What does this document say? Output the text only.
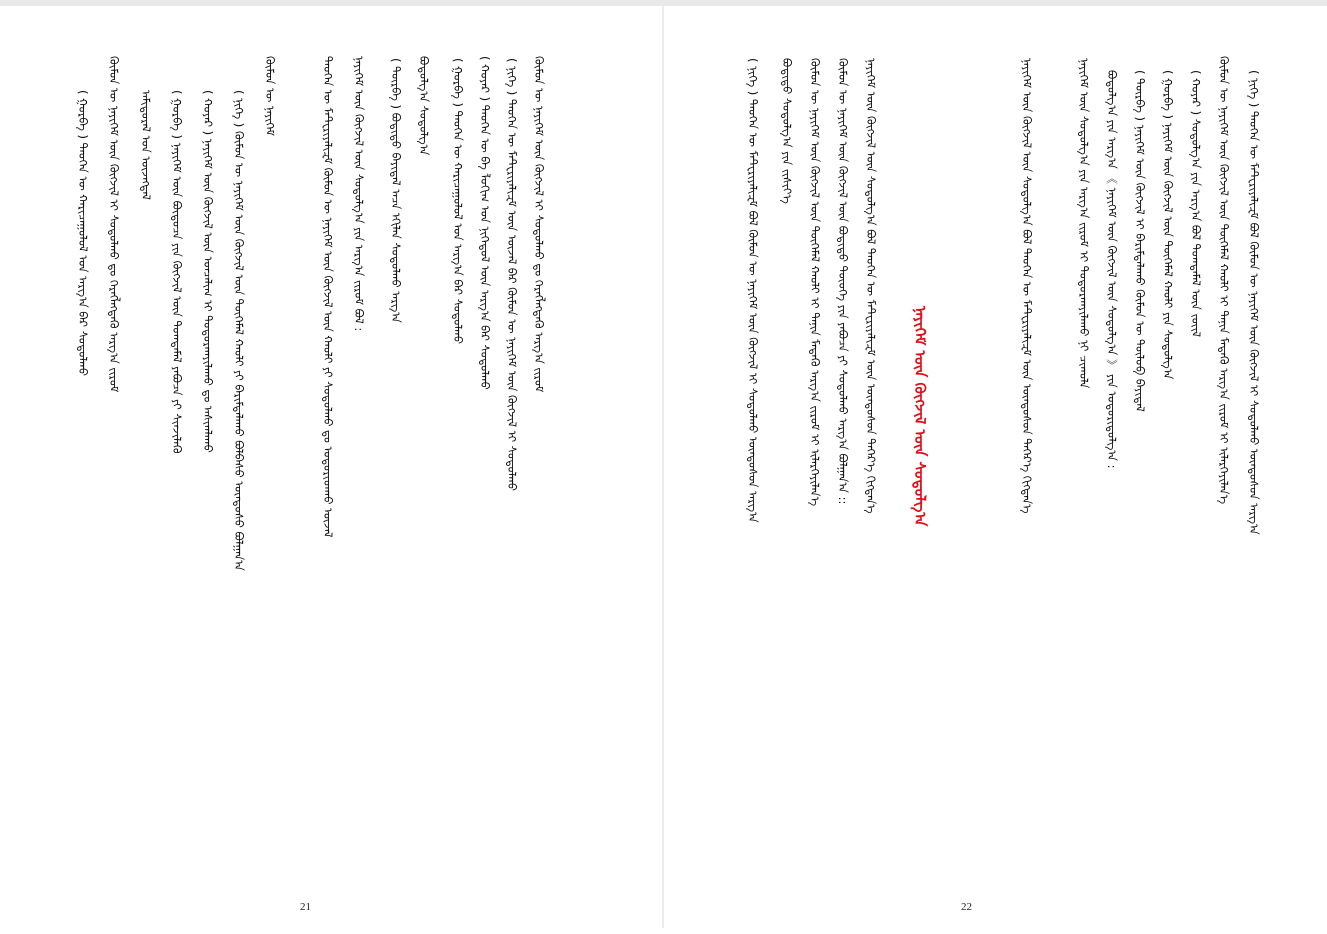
ᠬᠦᠮᠦᠨ ᠦ ᠨᠡᠶᠢᠭᠡᠮ ᠦᠨ ᠬᠥᠭᠵᠢᠯ ᠢ ᠰᠤᠳᠤᠯᠬᠤ ᠳᠤ ᠬᠡᠷᠡᠭᠯᠡᠭᠳᠡᠬᠦ ᠠᠷᠭ᠎ᠠ ᠵᠢᠷᠤᠮ
( ᠨᠢᠭᠡ ) ᠲᠡᠦᠬᠡᠨ ᠦ ᠮᠠᠲ᠋ᠧᠷᠢᠶᠠᠯᠢᠽᠮ ᠦᠨ ᠦᠵᠡᠯ ᠪᠠᠷ ᠬᠦᠮᠦᠨ ᠦ ᠨᠡᠶᠢᠭᠡᠮ ᠦᠨ ᠬᠥᠭᠵᠢᠯ ᠢ ᠰᠤᠳᠤᠯᠬᠤ
( ᠬᠣᠶᠠᠷ ) ᠲᠡᠦᠬᠡᠨ ᠦ ᠪᠠ ᠯᠣᠭᠢᠭ ᠤᠨ ᠨᠢᠭᠡᠳᠦᠯ ᠦᠨ ᠠᠷᠭ᠎ᠠ ᠪᠠᠷ ᠰᠤᠳᠤᠯᠬᠤ
( ᠭᠤᠷᠪᠠ ) ᠲᠡᠦᠬᠡᠨ ᠦ ᠬᠠᠷᠢᠴᠠᠭᠤᠯᠤᠯ ᠤᠨ ᠠᠷᠭ᠎ᠠ ᠪᠠᠷ ᠰᠤᠳᠤᠯᠬᠤ
ᠪᠣᠳᠣᠯᠭ᠎ᠠ ᠰᠤᠳᠤᠯᠭ᠎ᠠ
( ᠳᠥᠷᠪᠡ ) ᠪᠣᠳᠢᠲᠤ ᠪᠠᠶᠢᠳᠠᠯ ᠠᠴᠠ ᠡᠬᠢᠯᠡᠨ ᠰᠤᠳᠤᠯᠬᠤ ᠠᠷᠭ᠎ᠠ
ᠨᠡᠶᠢᠭᠡᠮ ᠦᠨ ᠬᠥᠭᠵᠢᠯ ᠦᠨ ᠰᠤᠳᠤᠯᠭ᠎ᠠ ᠶᠢᠨ ᠠᠷᠭ᠎ᠠ ᠵᠢᠷᠤᠮ ᠪᠣᠯ :
ᠲᠡᠦᠬᠡᠨ ᠦ ᠮᠠᠲ᠋ᠧᠷᠢᠶᠠᠯᠢᠽᠮ ᠬᠦᠮᠦᠨ ᠦ ᠨᠡᠶᠢᠭᠡᠮ ᠦᠨ ᠬᠥᠭᠵᠢᠯ ᠦᠨ ᠬᠠᠤᠯᠢ ᠶᠢ ᠰᠤᠳᠤᠯᠬᠤ ᠳᠤ ᠤᠳᠤᠷᠢᠳᠬᠤ ᠦᠵᠡᠯ
ᠬᠦᠮᠦᠨ ᠦ ᠨᠡᠶᠢᠭᠡᠮ
( ᠨᠢᠭᠡ ) ᠬᠦᠮᠦᠨ ᠦ ᠨᠡᠶᠢᠭᠡᠮ ᠦᠨ ᠬᠥᠭᠵᠢᠯ ᠦᠨ ᠲᠦᠭᠡᠮᠡᠯ ᠬᠠᠤᠯᠢ ᠶᠢ ᠪᠠᠷᠢᠮᠲᠠᠯᠠᠬᠤ ᠪᠣᠯᠪᠠᠰᠤ ᠦᠨᠳᠦᠰᠦ ᠪᠣᠯᠭᠠᠨ᠎ᠠ
( ᠬᠣᠶᠠᠷ ) ᠨᠡᠶᠢᠭᠡᠮ ᠦᠨ ᠬᠥᠭᠵᠢᠯ ᠦᠨ ᠣᠨᠴᠠᠯᠢᠭ ᠢ ᠲᠣᠳᠣᠷᠬᠠᠶᠢᠯᠠᠬᠤ ᠳᠤ ᠠᠰᠢᠭᠯᠠᠬᠤ
( ᠭᠤᠷᠪᠠ ) ᠨᠡᠶᠢᠭᠡᠮ ᠦᠨ ᠪᠦᠲᠦᠴᠡ ᠶᠢᠨ ᠬᠥᠭᠵᠢᠯ ᠦᠨ ᠲᠣᠭᠲᠠᠮᠠᠯ ᠶᠠᠪᠤᠴᠠ ᠶᠢ ᠰᠢᠨᠵᠢᠯᠡᠬᠦ
ᠠᠮᠢᠳᠤᠷᠠᠯ ᠤᠨ ᠦᠵᠡᠭᠳᠡᠯ
ᠬᠦᠮᠦᠨ ᠦ ᠨᠡᠶᠢᠭᠡᠮ ᠦᠨ ᠬᠥᠭᠵᠢᠯ ᠢ ᠰᠤᠳᠤᠯᠬᠤ ᠳᠤ ᠬᠡᠷᠡᠭᠯᠡᠭᠳᠡᠬᠦ ᠠᠷᠭ᠎ᠠ ᠵᠢᠷᠤᠮ
( ᠭᠤᠷᠪᠠ ) ᠲᠡᠦᠬᠡᠨ ᠦ ᠬᠠᠷᠢᠴᠠᠭᠤᠯᠤᠯ ᠤᠨ ᠠᠷᠭ᠎ᠠ ᠪᠠᠷ ᠰᠤᠳᠤᠯᠬᠤ
21
( ᠨᠢᠭᠡ ) ᠲᠡᠦᠬᠡᠨ ᠦ ᠮᠠᠲ᠋ᠧᠷᠢᠶᠠᠯᠢᠽᠮ ᠪᠣᠯ ᠬᠦᠮᠦᠨ ᠦ ᠨᠡᠶᠢᠭᠡᠮ ᠦᠨ ᠬᠥᠭᠵᠢᠯ ᠢ ᠰᠤᠳᠤᠯᠬᠤ ᠦᠨᠳᠦᠰᠦᠨ ᠠᠷᠭ᠎ᠠ
ᠬᠦᠮᠦᠨ ᠦ ᠨᠡᠶᠢᠭᠡᠮ ᠦᠨ ᠬᠥᠭᠵᠢᠯ ᠦᠨ ᠲᠦᠭᠡᠮᠡᠯ ᠬᠠᠤᠯᠢ ᠢ ᠲᠠᠨᠢᠨ ᠮᠡᠳᠡᠬᠦ ᠠᠷᠭ᠎ᠠ ᠵᠢᠷᠤᠮ ᠢ ᠢᠯᠡᠷᠬᠡᠶᠢᠯᠡᠨ᠎ᠡ
( ᠬᠣᠶᠠᠷ ) ᠰᠤᠳᠤᠯᠭ᠎ᠠ ᠶᠢᠨ ᠠᠷᠭ᠎ᠠ ᠪᠣᠯ ᠲᠣᠭᠲᠠᠮᠠᠯ ᠦᠨ ᠵᠦᠢᠯ
( ᠭᠤᠷᠪᠠ ) ᠨᠡᠶᠢᠭᠡᠮ ᠦᠨ ᠬᠥᠭᠵᠢᠯ ᠦᠨ ᠲᠦᠭᠡᠮᠡᠯ ᠬᠠᠤᠯᠢ ᠶᠢᠨ ᠰᠤᠳᠤᠯᠭ᠎ᠠ
( ᠳᠥᠷᠪᠡ ) ᠨᠡᠶᠢᠭᠡᠮ ᠦᠨ ᠬᠥᠭᠵᠢᠯ ᠢ ᠪᠠᠷᠢᠮᠲᠠᠯᠠᠬᠤ ᠬᠦᠮᠦᠨ ᠦ ᠲᠥᠯᠥᠪ ᠪᠠᠶᠢᠳᠠᠯ
ᠪᠣᠳᠣᠯᠭ᠎ᠠ ᠶᠢᠨ ᠠᠷᠭ᠎ᠠ 《 ᠨᠡᠶᠢᠭᠡᠮ ᠦᠨ ᠬᠥᠭᠵᠢᠯ ᠦᠨ ᠰᠤᠳᠤᠯᠭ᠎ᠠ 》 ᠶᠢᠨ ᠤᠳᠤᠷᠢᠳᠤᠯᠭ᠎ᠠ :
ᠨᠡᠶᠢᠭᠡᠮ ᠦᠨ ᠰᠤᠳᠤᠯᠭ᠎ᠠ ᠶᠢᠨ ᠠᠷᠭ᠎ᠠ ᠵᠢᠷᠤᠮ ᠢ ᠲᠣᠳᠣᠷᠬᠠᠶᠢᠯᠠᠬᠤ ᠨᠢ ᠴᠢᠬᠤᠯᠠ
ᠨᠡᠶᠢᠭᠡᠮ ᠦᠨ ᠬᠥᠭᠵᠢᠯ ᠦᠨ ᠰᠤᠳᠤᠯᠭ᠎ᠠ ᠪᠣᠯ ᠲᠡᠦᠬᠡᠨ ᠦ ᠮᠠᠲ᠋ᠧᠷᠢᠶᠠᠯᠢᠽᠮ ᠦᠨ ᠦᠨᠳᠦᠰᠦᠨ ᠳᠡᠭᠡᠷ᠎ᠡ ᠬᠢᠭᠳᠡᠨ᠎ᠡ
ᠨᠡᠶᠢᠭᠡᠮ ᠦᠨ ᠬᠥᠭᠵᠢᠯ ᠦᠨ ᠰᠤᠳᠤᠯᠭ᠎ᠠ
ᠨᠡᠶᠢᠭᠡᠮ ᠦᠨ ᠬᠥᠭᠵᠢᠯ ᠦᠨ ᠰᠤᠳᠤᠯᠭ᠎ᠠ ᠪᠣᠯ ᠲᠡᠦᠬᠡᠨ ᠦ ᠮᠠᠲ᠋ᠧᠷᠢᠶᠠᠯᠢᠽᠮ ᠦᠨ ᠦᠨᠳᠦᠰᠦᠨ ᠳᠡᠭᠡᠷ᠎ᠡ ᠬᠢᠭᠳᠡᠨ᠎ᠡ
ᠬᠦᠮᠦᠨ ᠦ ᠨᠡᠶᠢᠭᠡᠮ ᠦᠨ ᠬᠥᠭᠵᠢᠯ ᠦᠨ ᠪᠣᠳᠢᠲᠤ ᠲᠦᠦᠬᠡ ᠶᠢᠨ ᠶᠠᠪᠤᠴᠠ ᠶᠢ ᠰᠤᠳᠤᠯᠬᠤ ᠠᠷᠭ᠎ᠠ ᠪᠣᠯᠭᠠᠨ᠎ᠠ ::
ᠬᠦᠮᠦᠨ ᠦ ᠨᠡᠶᠢᠭᠡᠮ ᠦᠨ ᠬᠥᠭᠵᠢᠯ ᠦᠨ ᠲᠦᠭᠡᠮᠡᠯ ᠬᠠᠤᠯᠢ ᠢ ᠲᠠᠨᠢᠨ ᠮᠡᠳᠡᠬᠦ ᠠᠷᠭ᠎ᠠ ᠵᠢᠷᠤᠮ ᠢ ᠢᠯᠡᠷᠬᠡᠶᠢᠯᠡᠨ᠎ᠡ
ᠪᠣᠳᠢᠲᠤ ᠰᠤᠳᠤᠯᠭ᠎ᠠ ᠶᠢᠨ ᠵᠢᠱᠢᠶ᠎ᠡ
( ᠨᠢᠭᠡ ) ᠲᠡᠦᠬᠡᠨ ᠦ ᠮᠠᠲ᠋ᠧᠷᠢᠶᠠᠯᠢᠽᠮ ᠪᠣᠯ ᠬᠦᠮᠦᠨ ᠦ ᠨᠡᠶᠢᠭᠡᠮ ᠦᠨ ᠬᠥᠭᠵᠢᠯ ᠢ ᠰᠤᠳᠤᠯᠬᠤ ᠦᠨᠳᠦᠰᠦᠨ ᠠᠷᠭ᠎ᠠ
22
